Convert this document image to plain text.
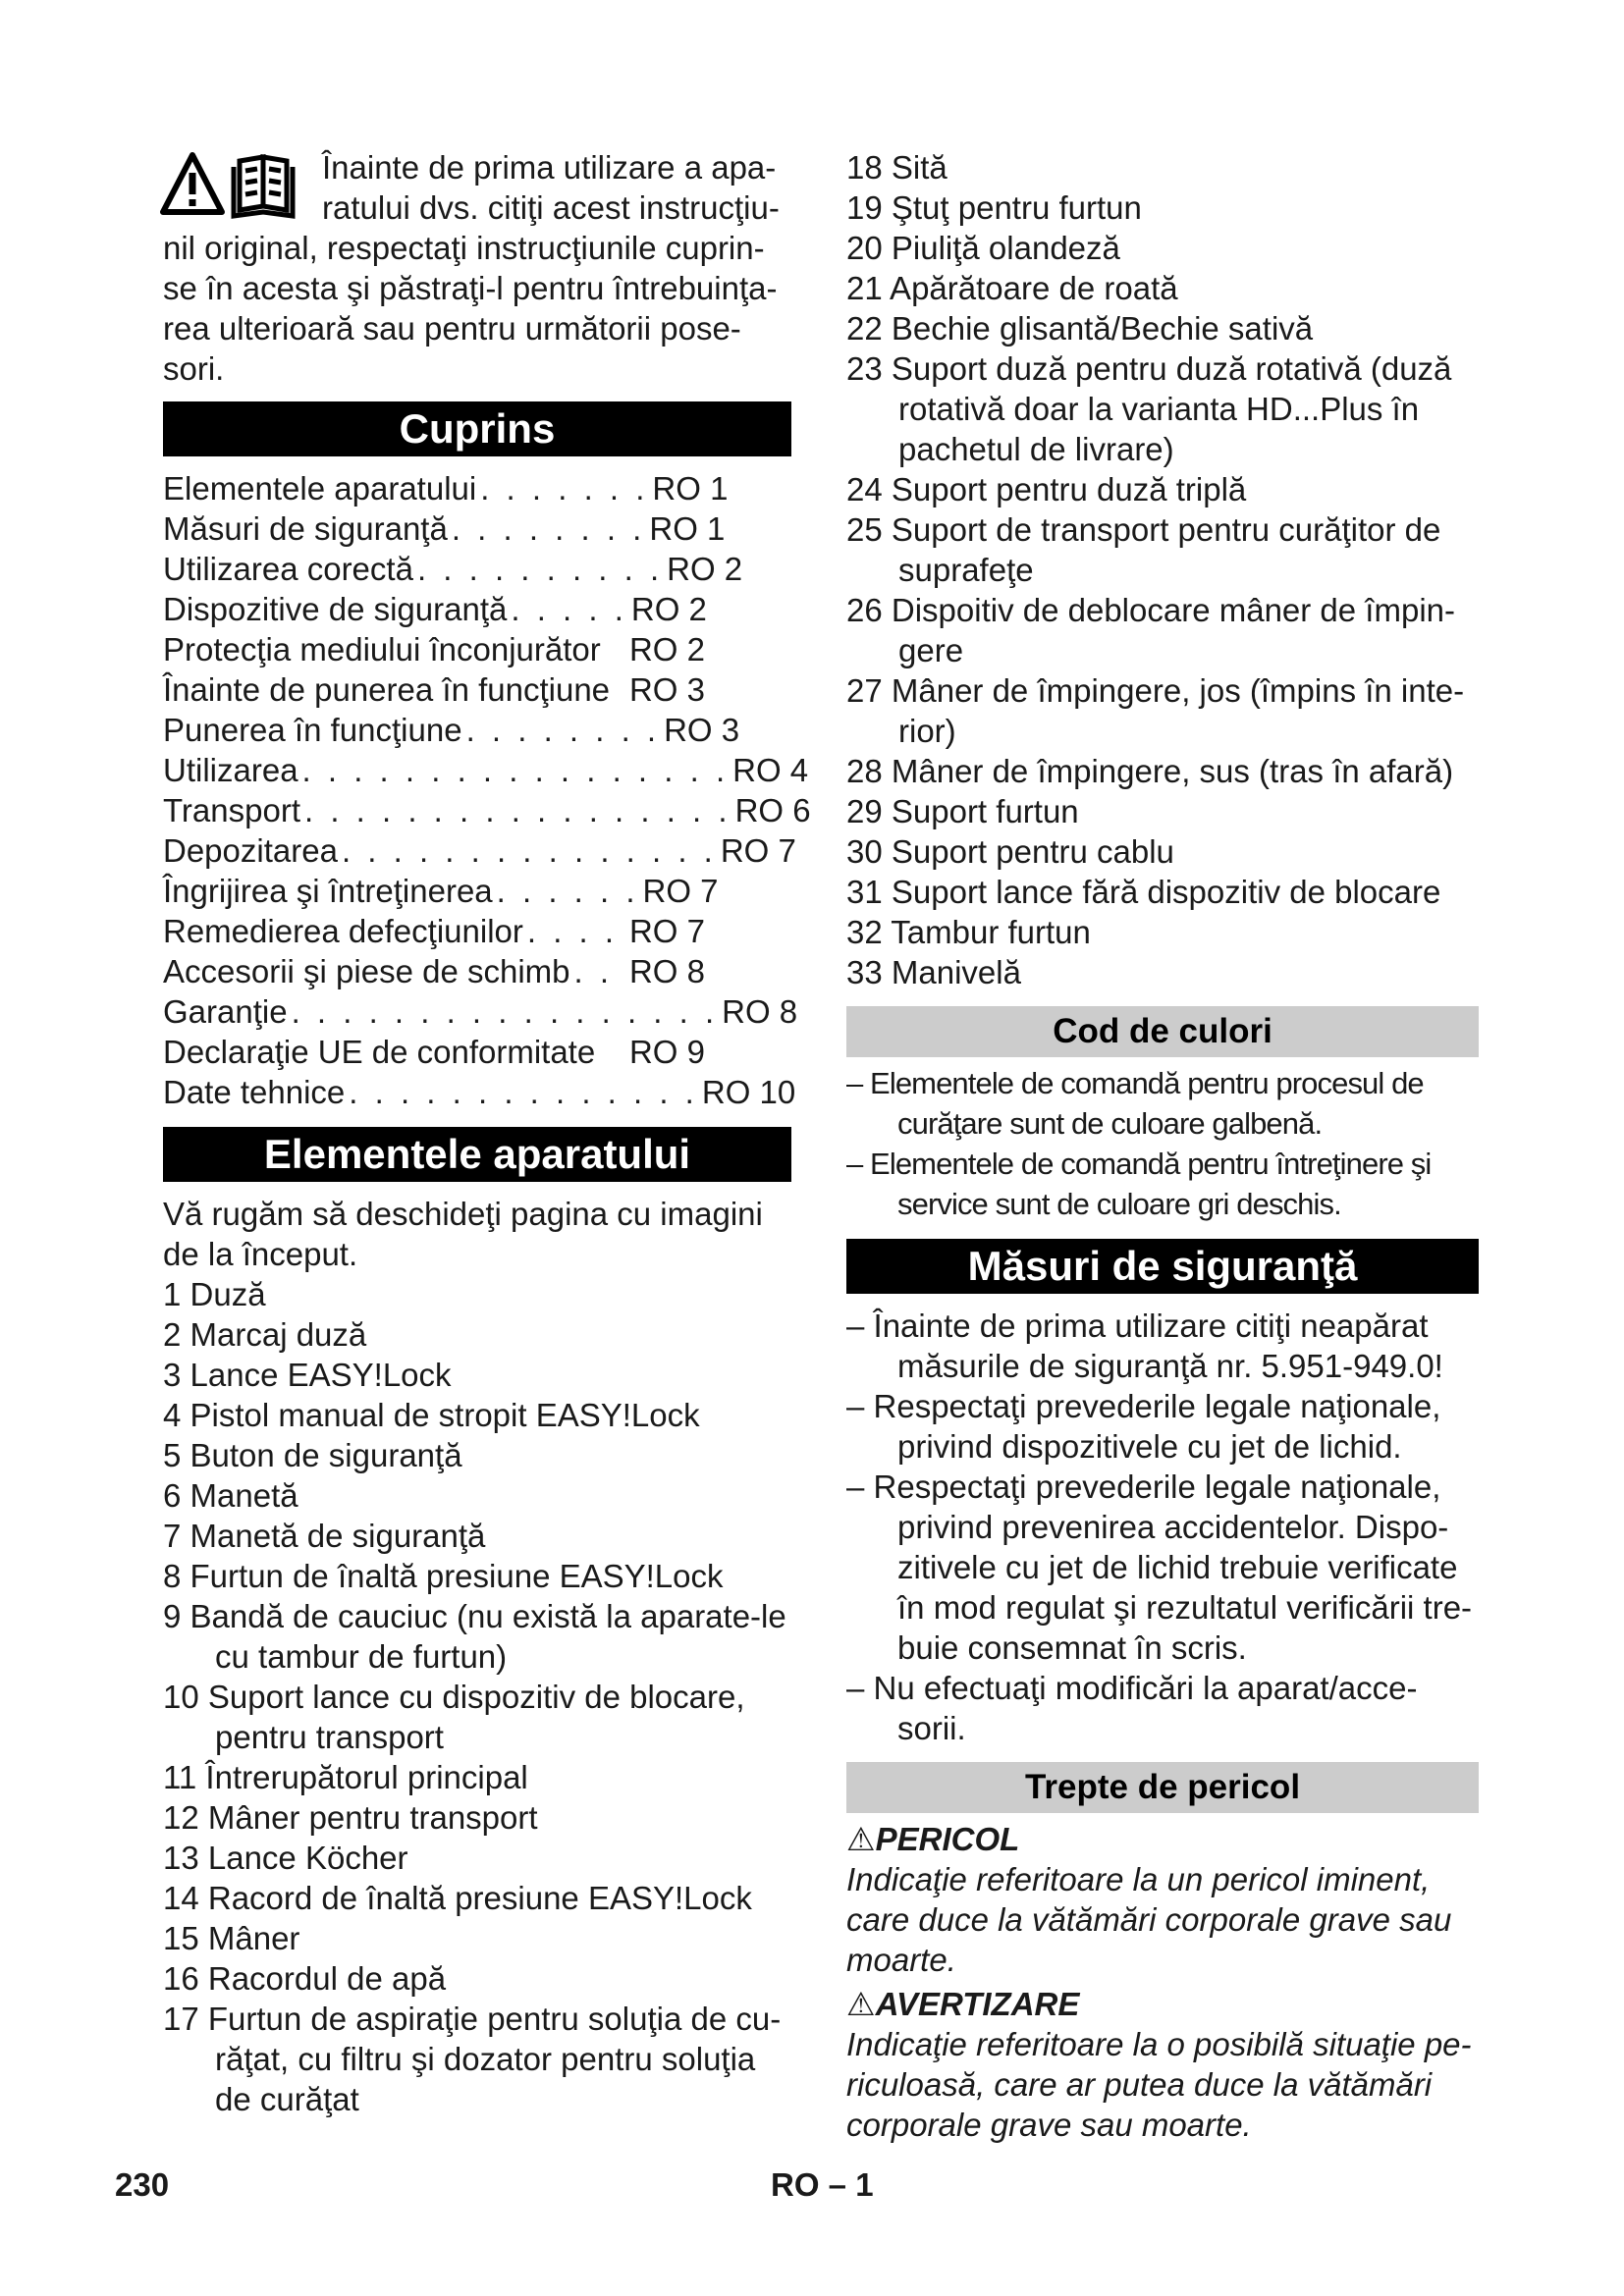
Înainte de prima utilizare a apa-
ratului dvs. citiţi acest instrucţiu-
nil original, respectaţi instrucţiunile cuprin-
se în acesta şi păstraţi-l pentru întrebuinţa-
rea ulterioară sau pentru următorii pose-
sori.
Cuprins
Elementele aparatului . . . . . . . RO 1
Măsuri de siguranţă . . . . . . . . RO 1
Utilizarea corectă . . . . . . . . . . RO 2
Dispozitive de siguranţă . . . . . RO 2
Protecţia mediului înconjurător RO 2
Înainte de punerea în funcţiune RO 3
Punerea în funcţiune . . . . . . . . RO 3
Utilizarea . . . . . . . . . . . . . . . . . RO 4
Transport . . . . . . . . . . . . . . . . . RO 6
Depozitarea . . . . . . . . . . . . . . . RO 7
Îngrijirea şi întreţinerea . . . . . . RO 7
Remedierea defecţiunilor . . . . RO 7
Accesorii şi piese de schimb . . RO 8
Garanţie . . . . . . . . . . . . . . . . . RO 8
Declaraţie UE de conformitate RO 9
Date tehnice . . . . . . . . . . . . . . RO 10
Elementele aparatului
Vă rugăm să deschideţi pagina cu imagini de la început.
1 Duză
2 Marcaj duză
3 Lance EASY!Lock
4 Pistol manual de stropit EASY!Lock
5 Buton de siguranţă
6 Manetă
7 Manetă de siguranţă
8 Furtun de înaltă presiune EASY!Lock
9 Bandă de cauciuc (nu există la aparate-le cu tambur de furtun)
10 Suport lance cu dispozitiv de blocare, pentru transport
11 Întrerupătorul principal
12 Mâner pentru transport
13 Lance Köcher
14 Racord de înaltă presiune EASY!Lock
15 Mâner
16 Racordul de apă
17 Furtun de aspiraţie pentru soluţia de cu-răţat, cu filtru şi dozator pentru soluţia de curăţat
18 Sită
19 Ştuţ pentru furtun
20 Piuliţă olandeză
21 Apărătoare de roată
22 Bechie glisantă/Bechie sativă
23 Suport duză pentru duză rotativă (duză rotativă doar la varianta HD...Plus în pachetul de livrare)
24 Suport pentru duză triplă
25 Suport de transport pentru curăţitor de suprafeţe
26 Dispoitiv de deblocare mâner de împin-gere
27 Mâner de împingere, jos (împins în inte-rior)
28 Mâner de împingere, sus (tras în afară)
29 Suport furtun
30 Suport pentru cablu
31 Suport lance fără dispozitiv de blocare
32 Tambur furtun
33 Manivelă
Cod de culori
– Elementele de comandă pentru procesul de curăţare sunt de culoare galbenă.
– Elementele de comandă pentru întreţinere şi service sunt de culoare gri deschis.
Măsuri de siguranţă
– Înainte de prima utilizare citiţi neapărat măsurile de siguranţă nr. 5.951-949.0!
– Respectaţi prevederile legale naţionale, privind dispozitivele cu jet de lichid.
– Respectaţi prevederile legale naţionale, privind prevenirea accidentelor. Dispo-zitivele cu jet de lichid trebuie verificate în mod regulat şi rezultatul verificării tre-buie consemnat în scris.
– Nu efectuaţi modificări la aparat/acce-sorii.
Trepte de pericol
⚠PERICOL
Indicaţie referitoare la un pericol iminent, care duce la vătămări corporale grave sau moarte.
⚠AVERTIZARE
Indicaţie referitoare la o posibilă situaţie pe-riculoasă, care ar putea duce la vătămări corporale grave sau moarte.
230	RO – 1
